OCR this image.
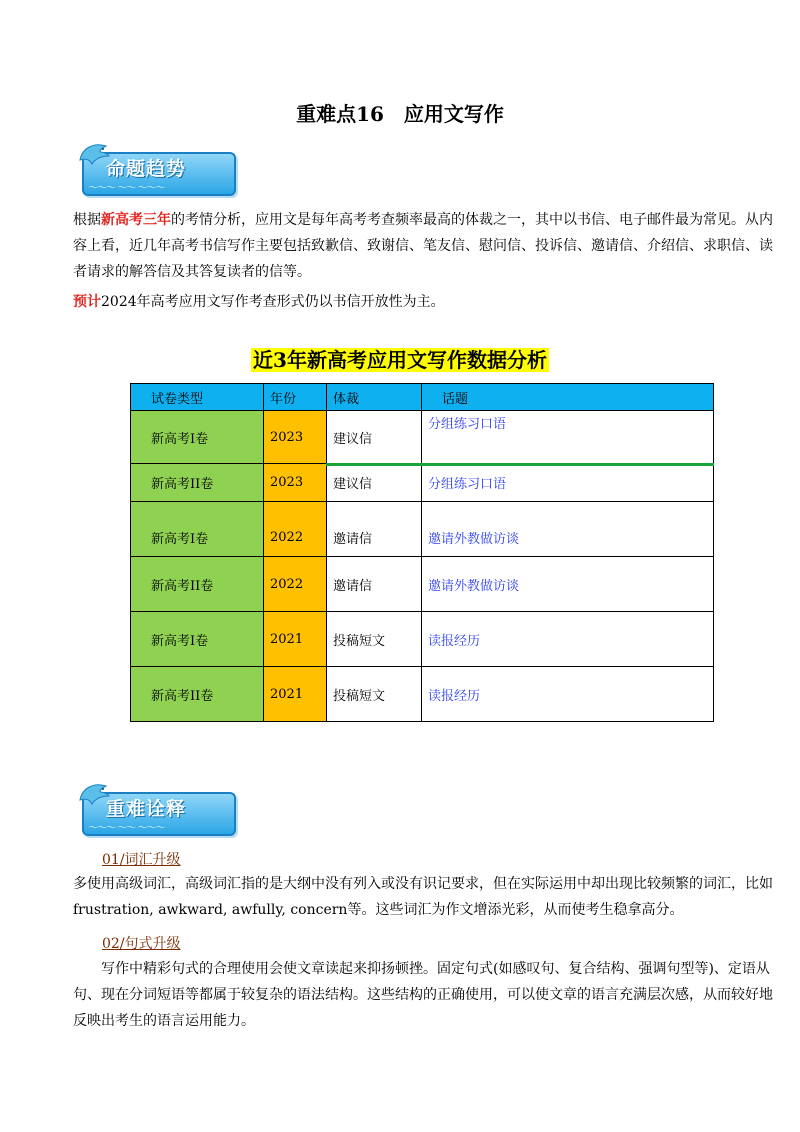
重难点16　应用文写作
命题趋势
～～～ ～～ ～～～
根据新高考三年的考情分析，应用文是每年高考考查频率最高的体裁之一，其中以书信、电子邮件最为常见。从内容上看，近几年高考书信写作主要包括致歉信、致谢信、笔友信、慰问信、投诉信、邀请信、介绍信、求职信、读者请求的解答信及其答复读者的信等。
预计2024年高考应用文写作考查形式仍以书信开放性为主。
近3年新高考应用文写作数据分析
试卷类型	年份	体裁	话题
新高考I卷	2023	建议信	分组练习口语
新高考II卷	2023	建议信	分组练习口语
新高考I卷	2022	邀请信	邀请外教做访谈
新高考II卷	2022	邀请信	邀请外教做访谈
新高考I卷	2021	投稿短文	读报经历
新高考II卷	2021	投稿短文	读报经历
重难诠释
～～～ ～～ ～～～
01/词汇升级
多使用高级词汇，高级词汇指的是大纲中没有列入或没有识记要求，但在实际运用中却出现比较频繁的词汇，比如frustration, awkward, awfully, concern等。这些词汇为作文增添光彩，从而使考生稳拿高分。
02/句式升级
写作中精彩句式的合理使用会使文章读起来抑扬顿挫。固定句式(如感叹句、复合结构、强调句型等)、定语从句、现在分词短语等都属于较复杂的语法结构。这些结构的正确使用，可以使文章的语言充满层次感，从而较好地反映出考生的语言运用能力。
